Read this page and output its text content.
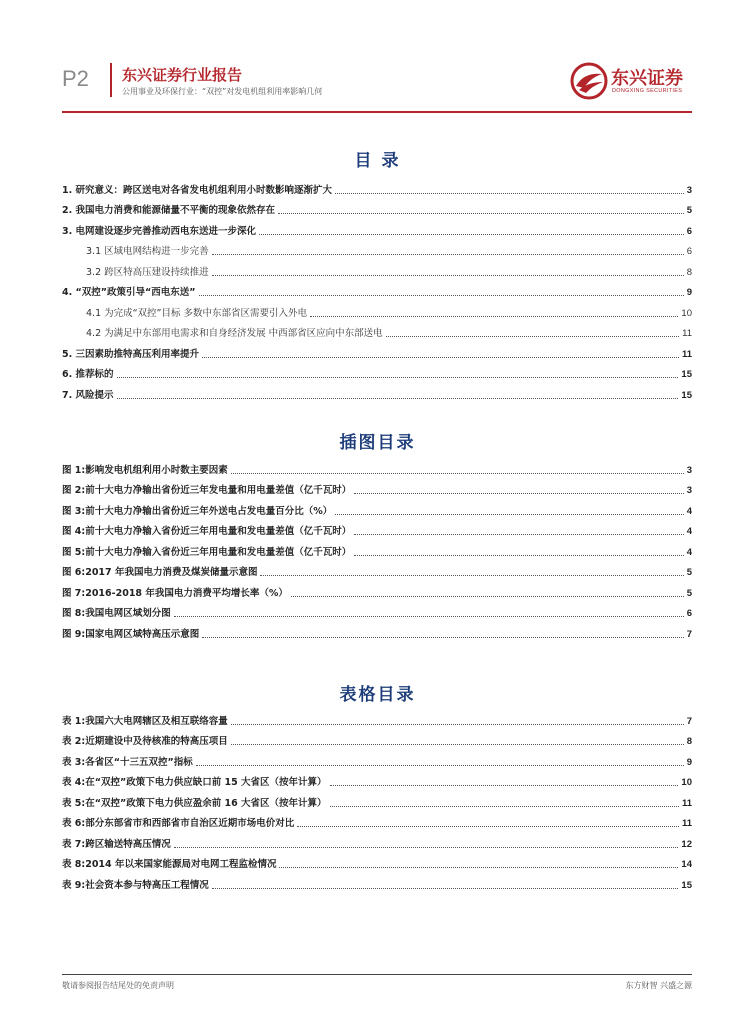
P2 东兴证券行业报告
公用事业及环保行业：“双控”对发电机组利用率影响几何
东兴证券
DONGXING SECURITIES
目 录
1. 研究意义：跨区送电对各省发电机组利用小时数影响逐渐扩大	3
2. 我国电力消费和能源储量不平衡的现象依然存在	5
3. 电网建设逐步完善推动西电东送进一步深化	6
3.1 区域电网结构进一步完善	6
3.2 跨区特高压建设持续推进	8
4. “双控”政策引导“西电东送”	9
4.1 为完成“双控”目标 多数中东部省区需要引入外电	10
4.2 为满足中东部用电需求和自身经济发展 中西部省区应向中东部送电	11
5. 三因素助推特高压利用率提升	11
6. 推荐标的	15
7. 风险提示	15
插图目录
图 1:影响发电机组利用小时数主要因素	3
图 2:前十大电力净输出省份近三年发电量和用电量差值（亿千瓦时）	3
图 3:前十大电力净输出省份近三年外送电占发电量百分比（%）	4
图 4:前十大电力净输入省份近三年用电量和发电量差值（亿千瓦时）	4
图 5:前十大电力净输入省份近三年用电量和发电量差值（亿千瓦时）	4
图 6:2017 年我国电力消费及煤炭储量示意图	5
图 7:2016-2018 年我国电力消费平均增长率（%）	5
图 8:我国电网区域划分图	6
图 9:国家电网区域特高压示意图	7
表格目录
表 1:我国六大电网辖区及相互联络容量	7
表 2:近期建设中及待核准的特高压项目	8
表 3:各省区“十三五双控”指标	9
表 4:在“双控”政策下电力供应缺口前 15 大省区（按年计算）	10
表 5:在“双控”政策下电力供应盈余前 16 大省区（按年计算）	11
表 6:部分东部省市和西部省市自治区近期市场电价对比	11
表 7:跨区输送特高压情况	12
表 8:2014 年以来国家能源局对电网工程监检情况	14
表 9:社会资本参与特高压工程情况	15
敬请参阅报告结尾处的免责声明	东方财智 兴盛之源
